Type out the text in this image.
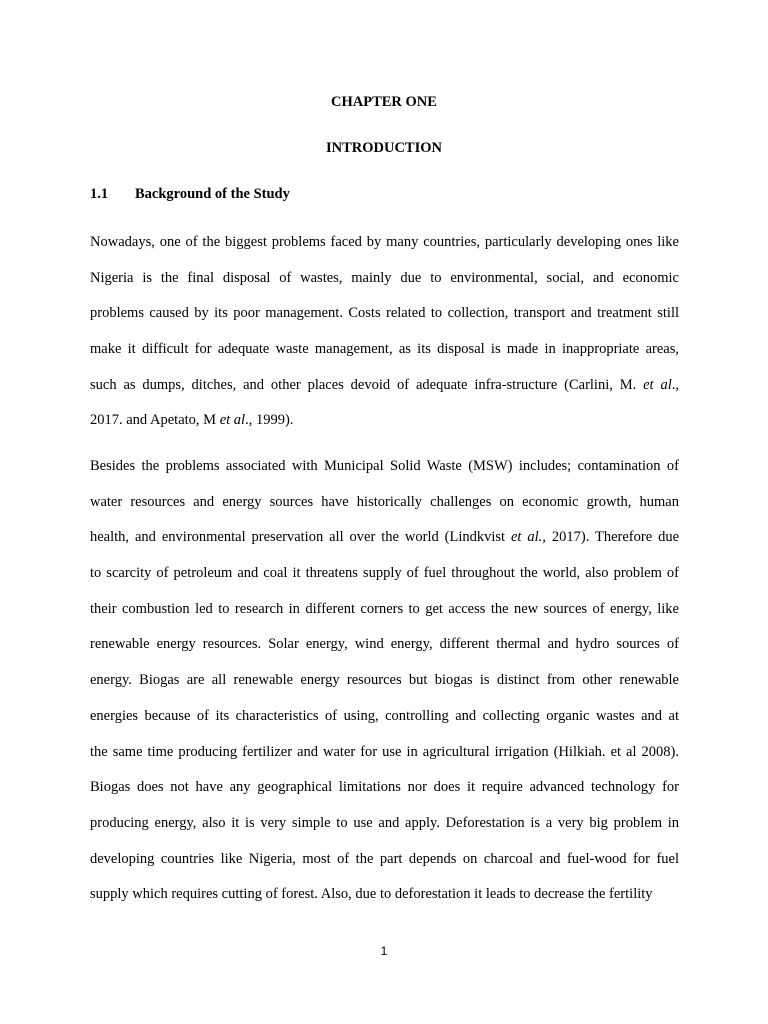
CHAPTER ONE
INTRODUCTION
1.1 Background of the Study
Nowadays, one of the biggest problems faced by many countries, particularly developing ones like
Nigeria is the final disposal of wastes, mainly due to environmental, social, and economic
problems caused by its poor management. Costs related to collection, transport and treatment still
make it difficult for adequate waste management, as its disposal is made in inappropriate areas,
such as dumps, ditches, and other places devoid of adequate infra-structure (Carlini, M. et al.,
2017. and Apetato, M et al., 1999).
Besides the problems associated with Municipal Solid Waste (MSW) includes; contamination of
water resources and energy sources have historically challenges on economic growth, human
health, and environmental preservation all over the world (Lindkvist et al., 2017). Therefore due
to scarcity of petroleum and coal it threatens supply of fuel throughout the world, also problem of
their combustion led to research in different corners to get access the new sources of energy, like
renewable energy resources. Solar energy, wind energy, different thermal and hydro sources of
energy. Biogas are all renewable energy resources but biogas is distinct from other renewable
energies because of its characteristics of using, controlling and collecting organic wastes and at
the same time producing fertilizer and water for use in agricultural irrigation (Hilkiah. et al 2008).
Biogas does not have any geographical limitations nor does it require advanced technology for
producing energy, also it is very simple to use and apply. Deforestation is a very big problem in
developing countries like Nigeria, most of the part depends on charcoal and fuel-wood for fuel
supply which requires cutting of forest. Also, due to deforestation it leads to decrease the fertility
1
